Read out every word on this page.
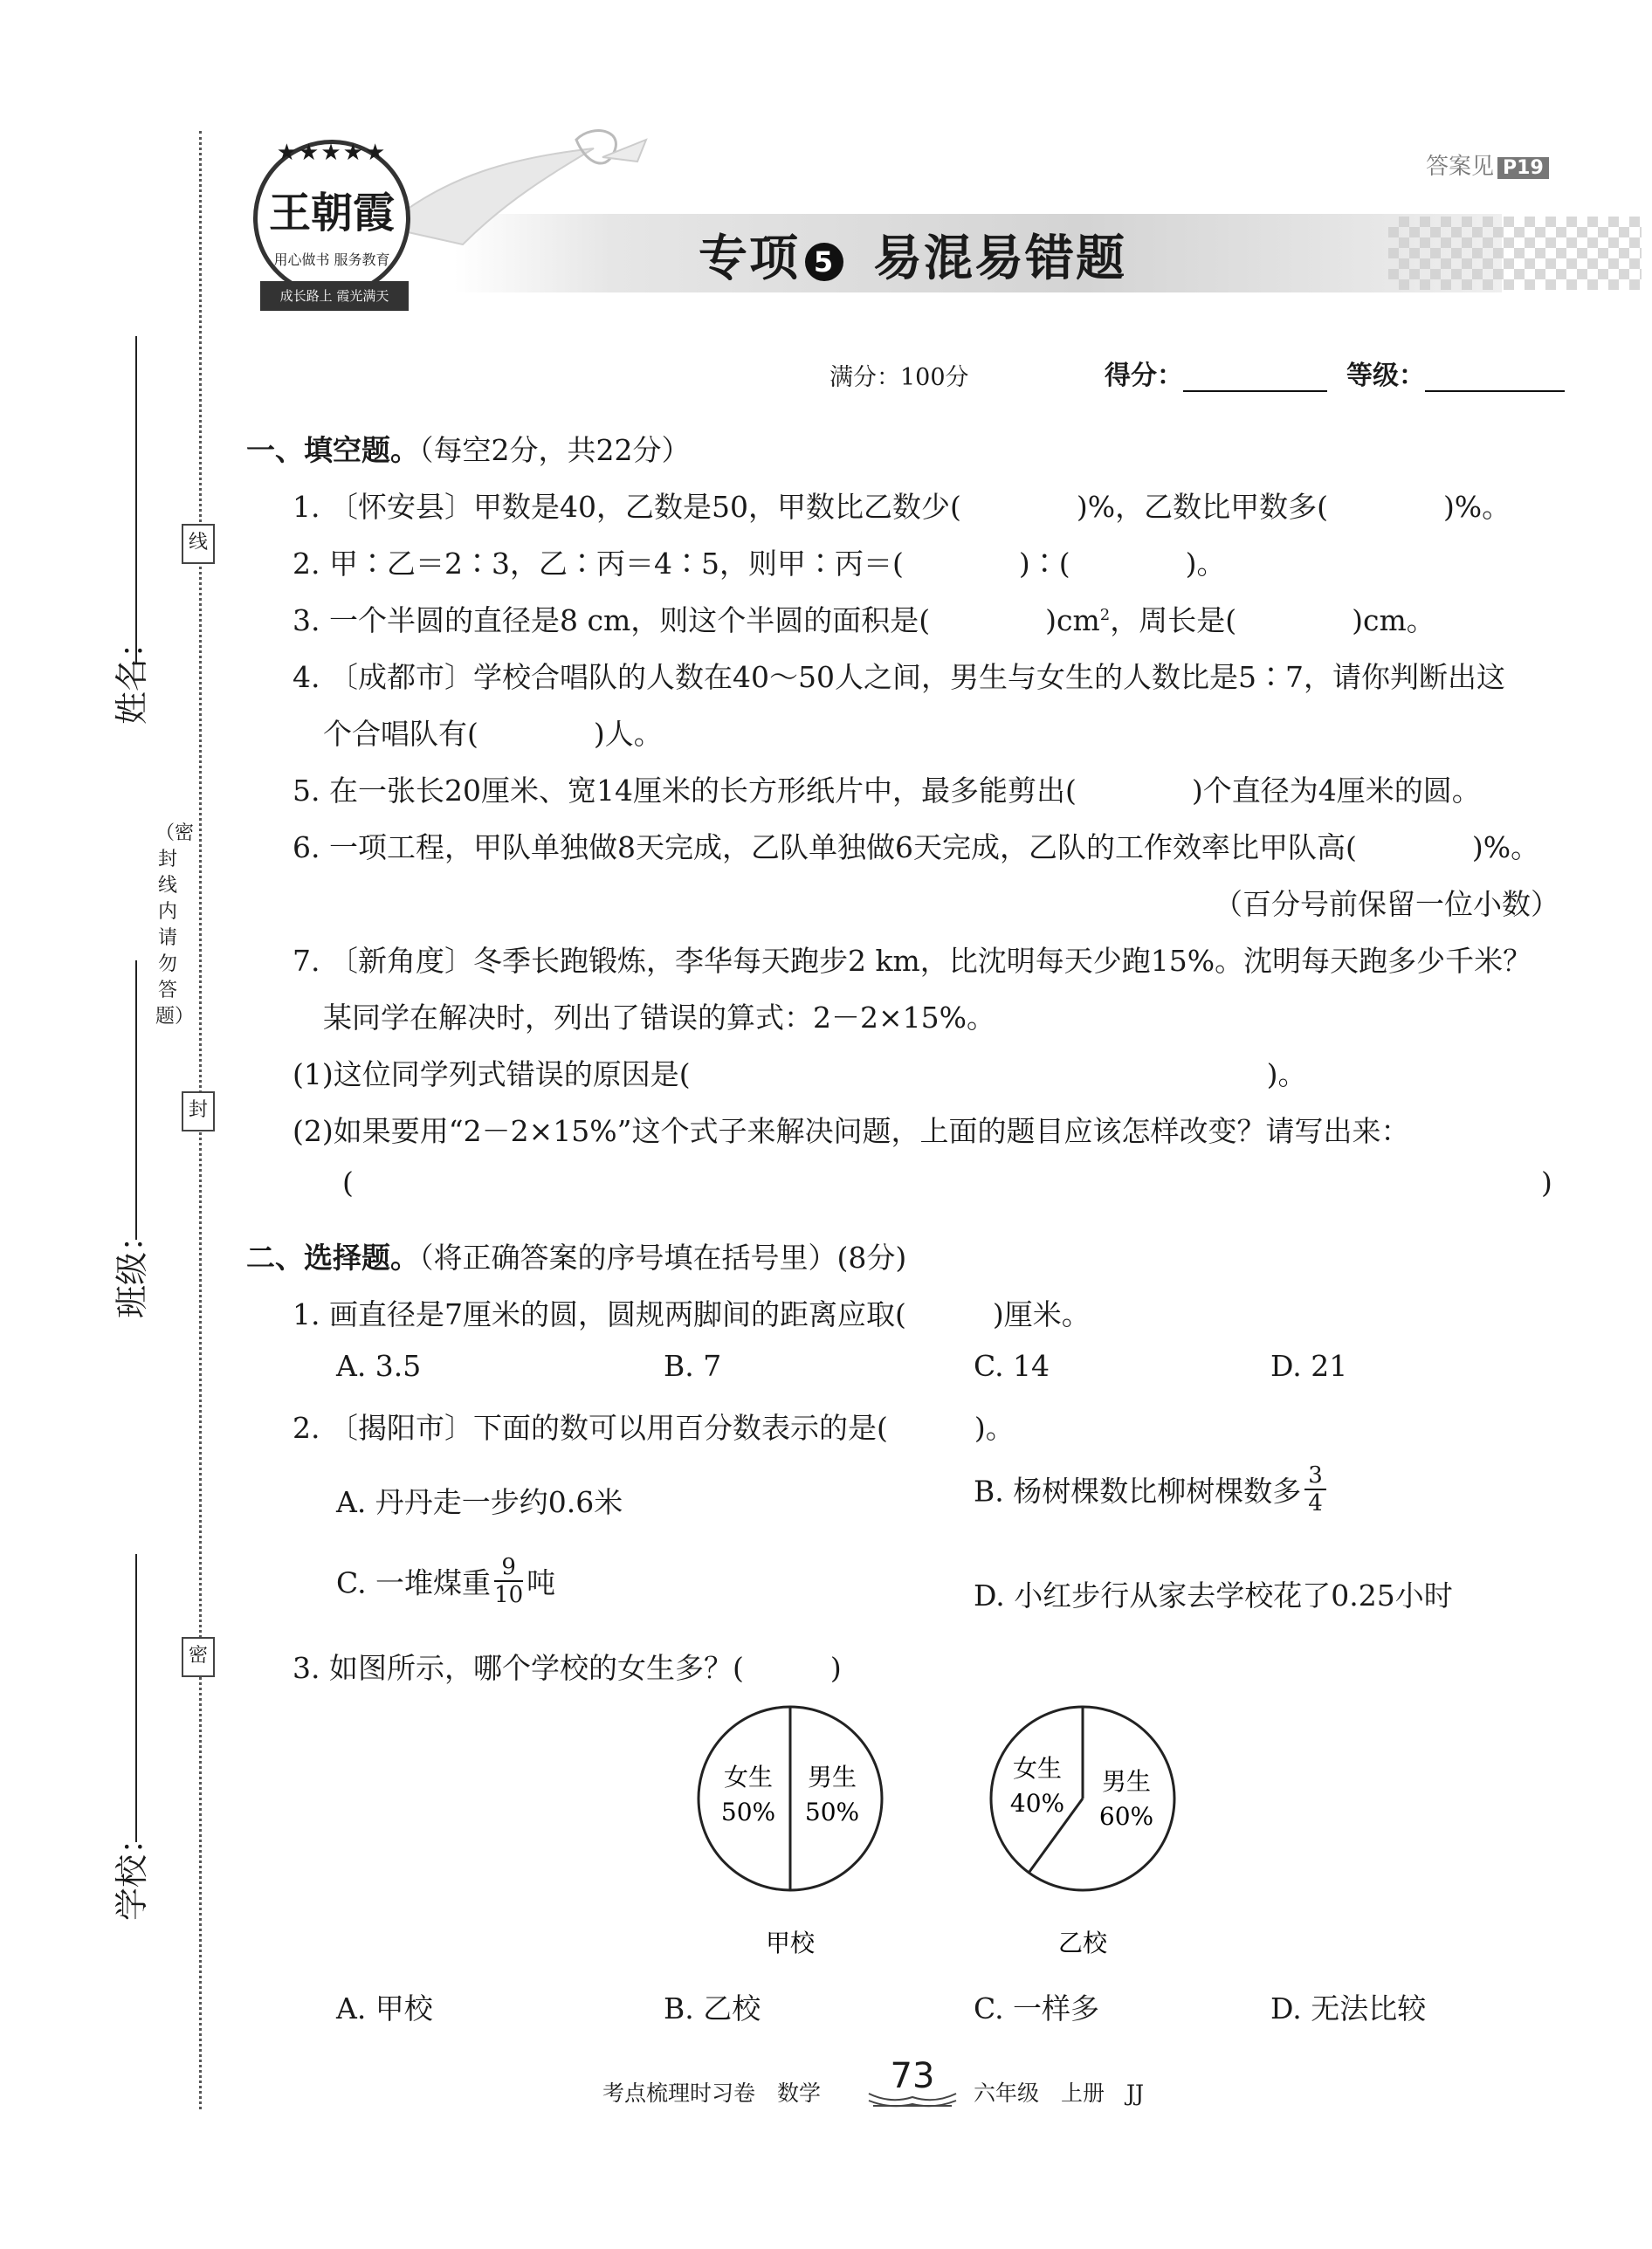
线
封
密
（密封线内请勿答题）
姓名：
班级：
学校：
答案见 P19
王朝霞
用心做书 服务教育
★★★★★
成长路上 霞光满天
专项 5 易混易错题
满分：100分	得分：	等级：
一、填空题。（每空2分，共22分）
1. 〔怀安县〕甲数是40，乙数是50，甲数比乙数少(　　　　)%，乙数比甲数多(　　　　)%。
2. 甲∶乙＝2∶3，乙∶丙＝4∶5，则甲∶丙＝(　　　　)∶(　　　　)。
3. 一个半圆的直径是8 cm，则这个半圆的面积是(　　　　)$cm^2$，周长是(　　　　)cm。
4. 〔成都市〕学校合唱队的人数在40～50人之间，男生与女生的人数比是5∶7，请你判断出这
个合唱队有(　　　　)人。
5. 在一张长20厘米、宽14厘米的长方形纸片中，最多能剪出(　　　　)个直径为4厘米的圆。
6. 一项工程，甲队单独做8天完成，乙队单独做6天完成，乙队的工作效率比甲队高(　　　　)%。
（百分号前保留一位小数）
7. 〔新角度〕冬季长跑锻炼，李华每天跑步2 km，比沈明每天少跑15%。沈明每天跑多少千米？
某同学在解决时，列出了错误的算式：2－2×15%。
(1)这位同学列式错误的原因是(　　　　　　　　　　　　　　　　　　　　)。
(2)如果要用“2－2×15%”这个式子来解决问题，上面的题目应该怎样改变？请写出来：
(	)
二、选择题。（将正确答案的序号填在括号里）(8分)
1. 画直径是7厘米的圆，圆规两脚间的距离应取(　　　)厘米。
A. 3.5	B. 7	C. 14	D. 21
2. 〔揭阳市〕下面的数可以用百分数表示的是(　　　)。
A. 丹丹走一步约0.6米	B. 杨树棵数比柳树棵数多 $\frac{3}{4}$
C. 一堆煤重 $\frac{9}{10}$ 吨	D. 小红步行从家去学校花了0.25小时
3. 如图所示，哪个学校的女生多？(　　　)
女生
50%
男生
50%
甲校
女生
40%
男生
60%
乙校
A. 甲校	B. 乙校	C. 一样多	D. 无法比较
考点梳理时习卷　数学	73	六年级　上册　JJ
